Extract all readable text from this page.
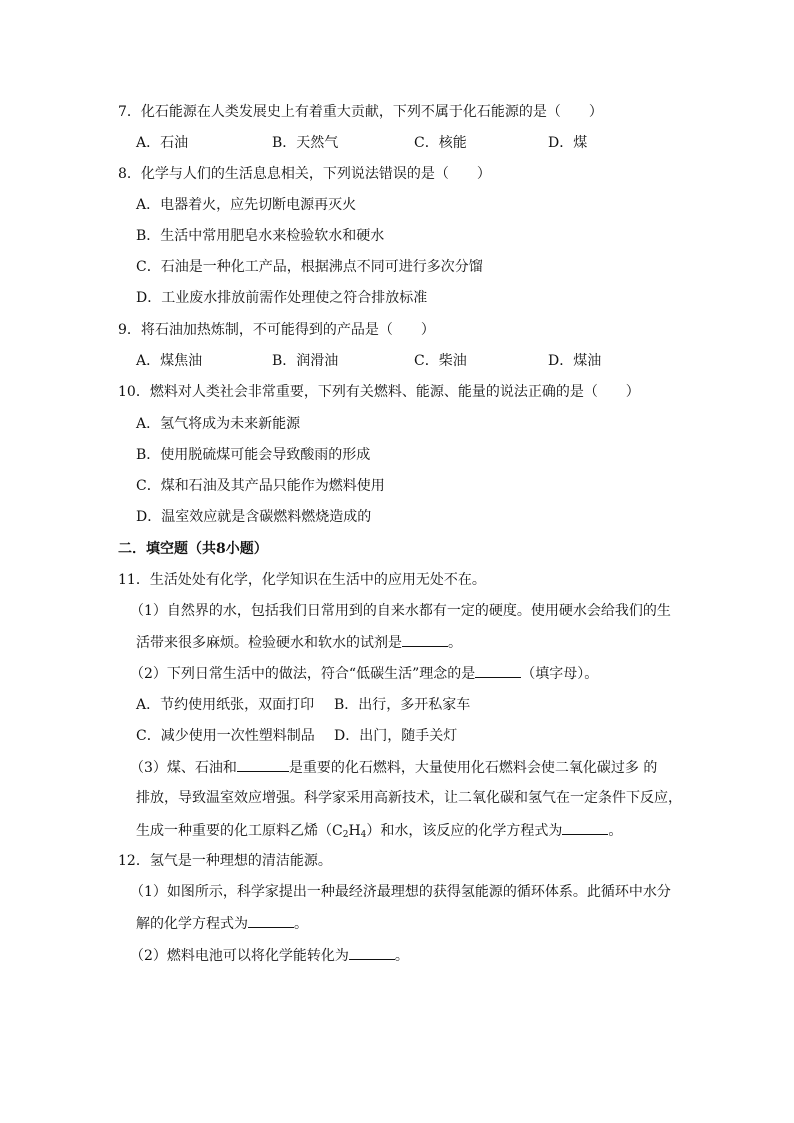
7．化石能源在人类发展史上有着重大贡献，下列不属于化石能源的是（　　）
A．石油	B．天然气	C．核能	D．煤
8．化学与人们的生活息息相关，下列说法错误的是（　　）
A．电器着火，应先切断电源再灭火
B．生活中常用肥皂水来检验软水和硬水
C．石油是一种化工产品，根据沸点不同可进行多次分馏
D．工业废水排放前需作处理使之符合排放标准
9．将石油加热炼制，不可能得到的产品是（　　）
A．煤焦油	B．润滑油	C．柴油	D．煤油
10．燃料对人类社会非常重要，下列有关燃料、能源、能量的说法正确的是（　　）
A．氢气将成为未来新能源
B．使用脱硫煤可能会导致酸雨的形成
C．煤和石油及其产品只能作为燃料使用
D．温室效应就是含碳燃料燃烧造成的
二．填空题（共8小题）
11．生活处处有化学，化学知识在生活中的应用无处不在。
（1）自然界的水，包括我们日常用到的自来水都有一定的硬度。使用硬水会给我们的生
活带来很多麻烦。检验硬水和软水的试剂是	。
（2）下列日常生活中的做法，符合“低碳生活”理念的是	（填字母）。
A．节约使用纸张，双面打印 B．出行，多开私家车
C．减少使用一次性塑料制品 D．出门，随手关灯
（3）煤、石油和	是重要的化石燃料，大量使用化石燃料会使二氧化碳过多 的
排放，导致温室效应增强。科学家采用高新技术，让二氧化碳和氢气在一定条件下反应，
生成一种重要的化工原料乙烯$(C_2H_4)$和水，该反应的化学方程式为	。
12．氢气是一种理想的清洁能源。
（1）如图所示，科学家提出一种最经济最理想的获得氢能源的循环体系。此循环中水分
解的化学方程式为	。
（2）燃料电池可以将化学能转化为	。
